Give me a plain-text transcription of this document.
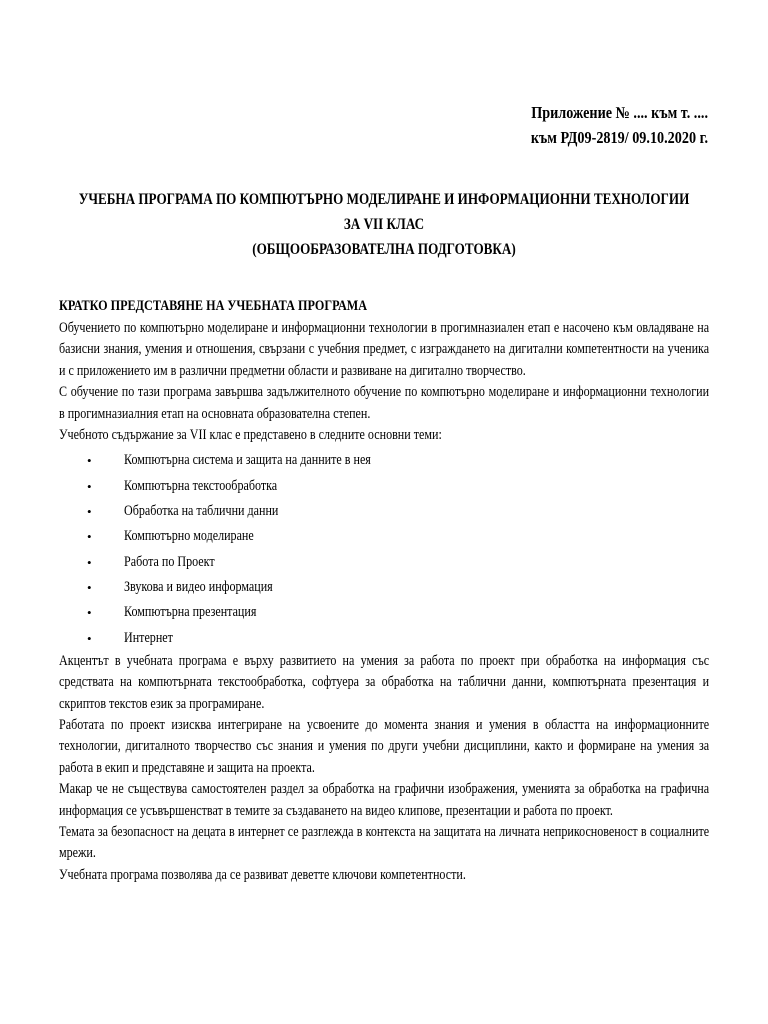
Приложение № .... към т. ....
към РД09-2819/ 09.10.2020 г.
УЧЕБНА ПРОГРАМА ПО КОМПЮТЪРНО МОДЕЛИРАНЕ И ИНФОРМАЦИОННИ ТЕХНОЛОГИИ
ЗА VII КЛАС
(ОБЩООБРАЗОВАТЕЛНА ПОДГОТОВКА)
КРАТКО ПРЕДСТАВЯНЕ НА УЧЕБНАТА ПРОГРАМА

Обучението по компютърно моделиране и информационни технологии в прогимназиален етап е насочено към овладяване на базисни знания, умения и отношения, свързани с учебния предмет, с изграждането на дигитални компетентности на ученика и с приложението им в различни предметни области и развиване на дигитално творчество.

С обучение по тази програма завършва задължителното обучение по компютърно моделиране и информационни технологии в прогимназиалния етап на основната образователна степен.

Учебното съдържание за VII клас е представено в следните основни теми:

• Компютърна система и защита на данните в нея
• Компютърна текстообработка
• Обработка на таблични данни
• Компютърно моделиране
• Работа по Проект
• Звукова и видео информация
• Компютърна презентация
• Интернет

Акцентът в учебната програма е върху развитието на умения за работа по проект при обработка на информация със средствата на компютърната текстообработка, софтуера за обработка на таблични данни, компютърната презентация и скриптов текстов език за програмиране.

Работата по проект изисква интегриране на усвоените до момента знания и умения в областта на информационните технологии, дигиталното творчество със знания и умения по други учебни дисциплини, както и формиране на умения за работа в екип и представяне и защита на проекта.

Макар че не съществува самостоятелен раздел за обработка на графични изображения, уменията за обработка на графична информация се усъвършенстват в темите за създаването на видео клипове, презентации и работа по проект.

Темата за безопасност на децата в интернет се разглежда в контекста на защитата на личната неприкосновеност в социалните мрежи.

Учебната програма позволява да се развиват деветте ключови компетентности.
